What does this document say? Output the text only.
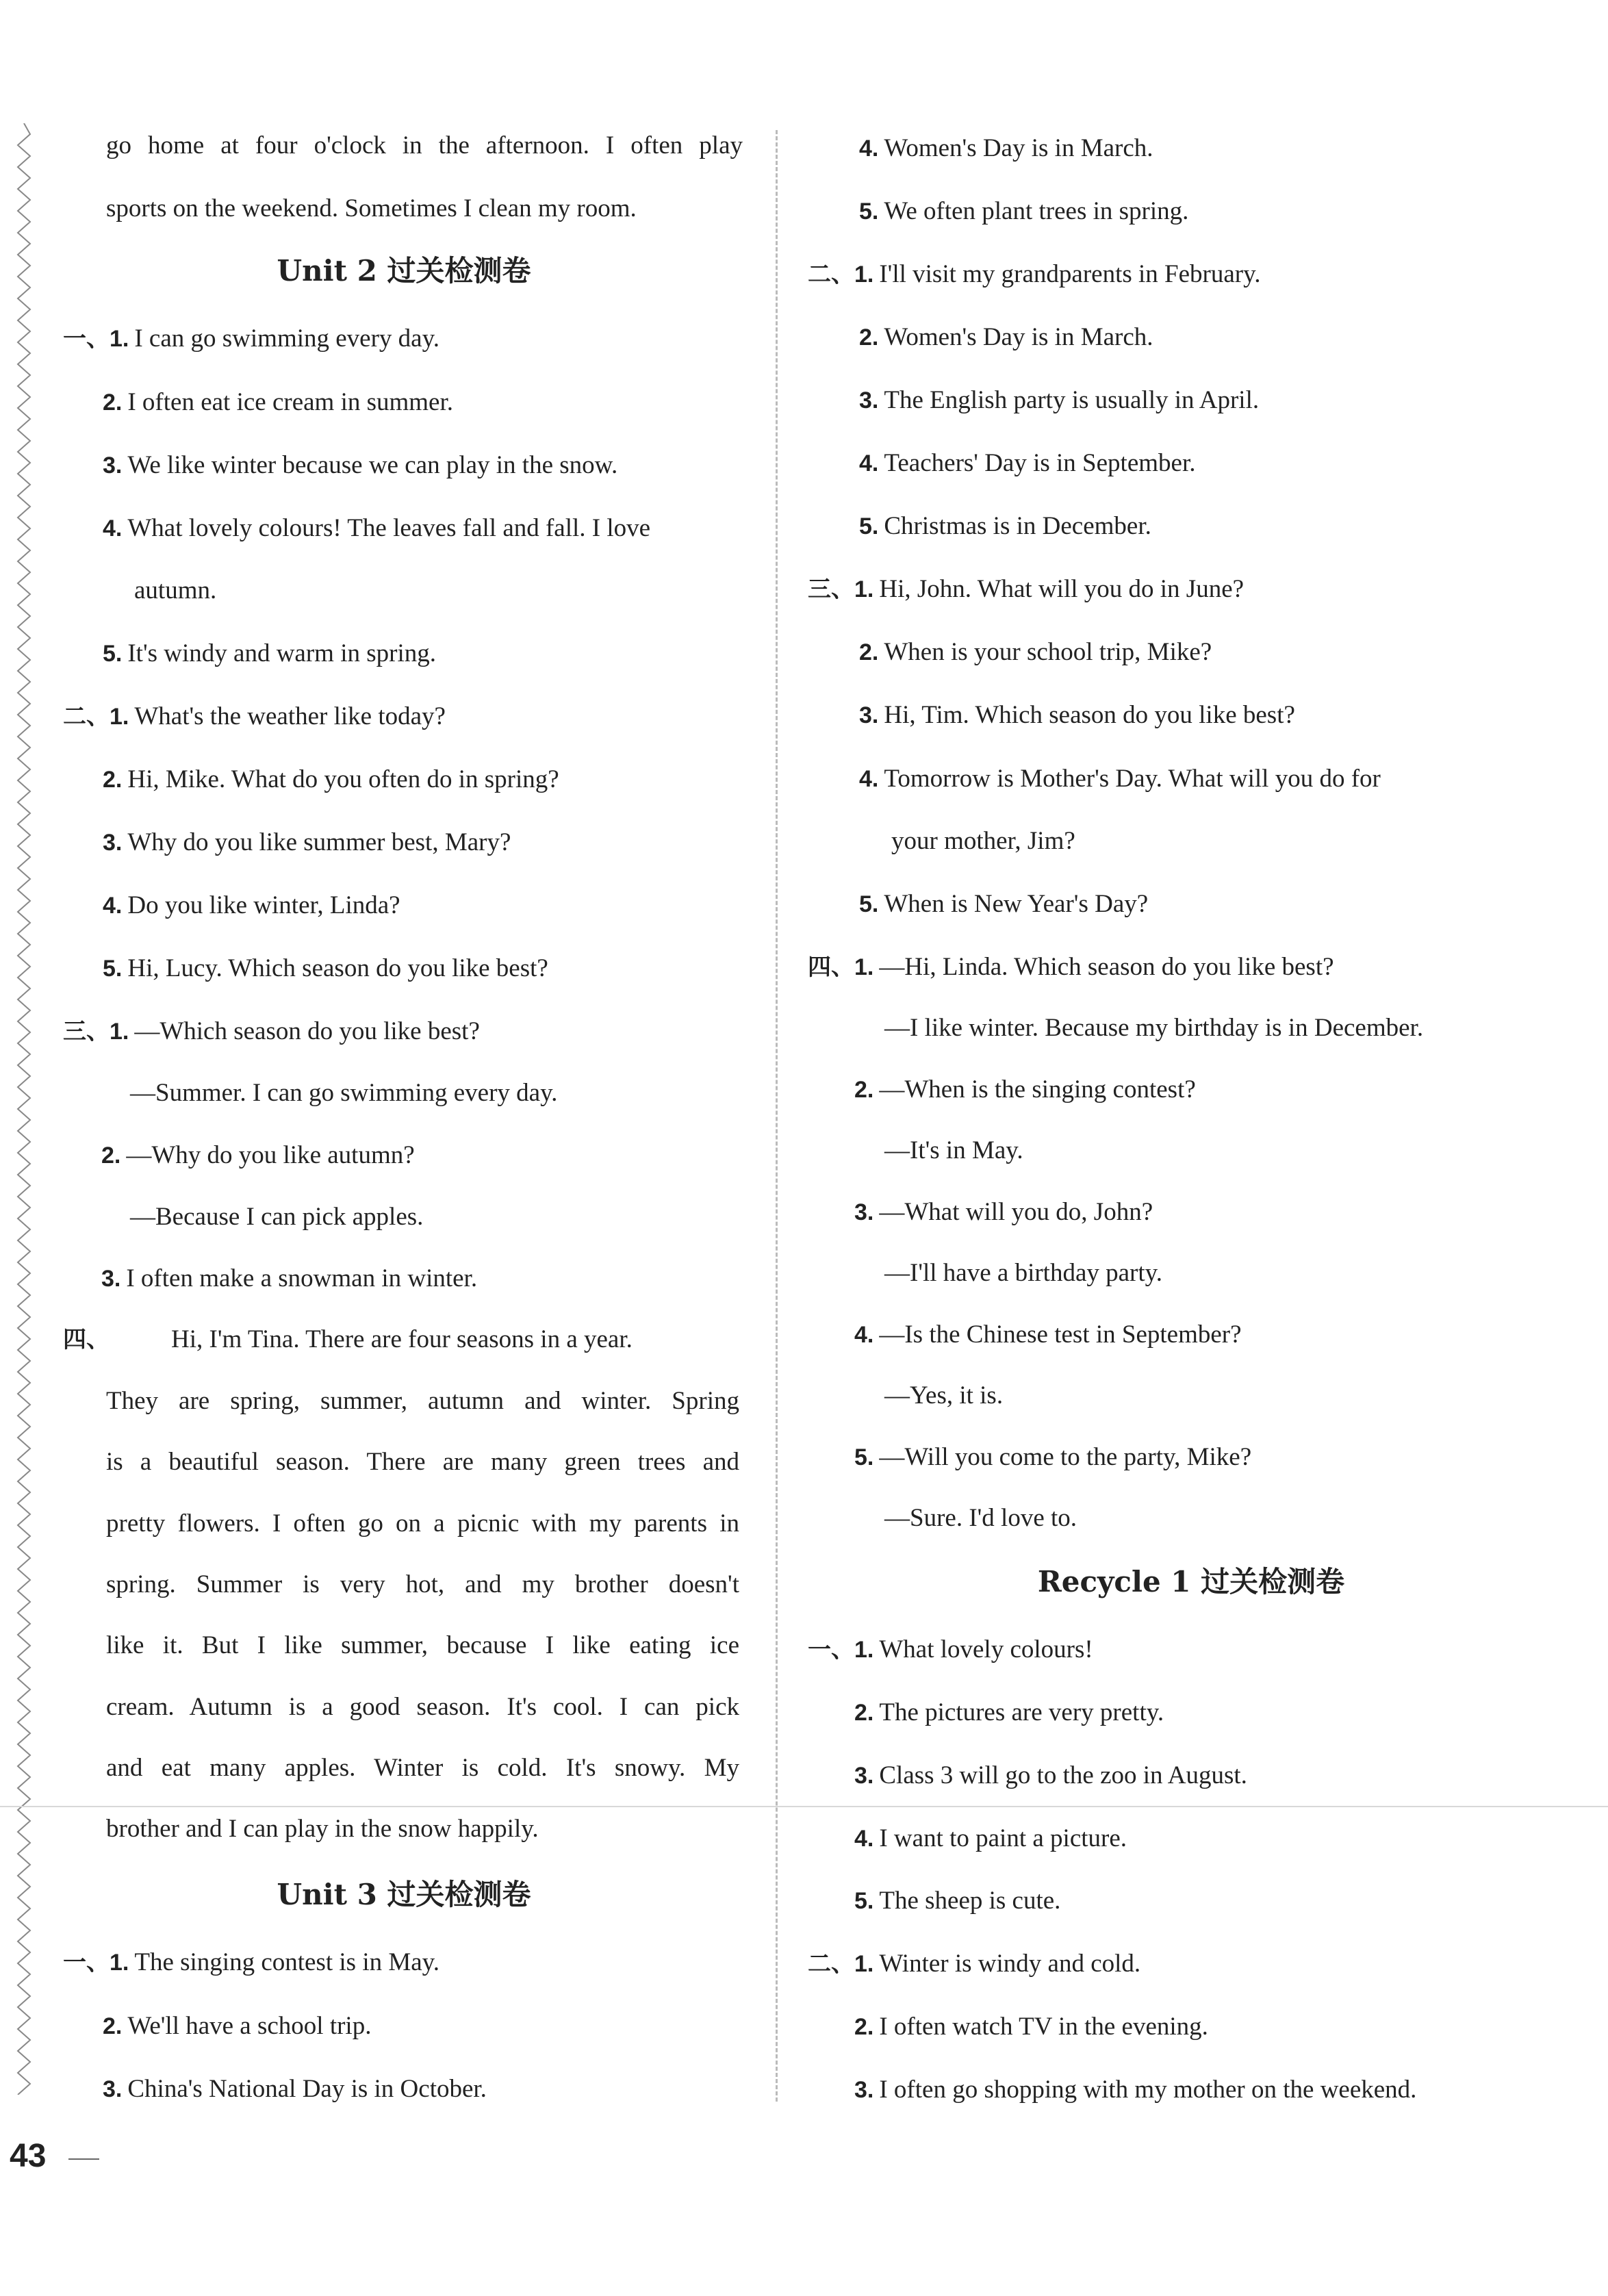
go home at four o'clock in the afternoon. I often play
sports on the weekend. Sometimes I clean my room.
Unit 2 过关检测卷
一、1. I can go swimming every day.
2. I often eat ice cream in summer.
3. We like winter because we can play in the snow.
4. What lovely colours! The leaves fall and fall. I love
autumn.
5. It's windy and warm in spring.
二、1. What's the weather like today?
2. Hi, Mike. What do you often do in spring?
3. Why do you like summer best, Mary?
4. Do you like winter, Linda?
5. Hi, Lucy. Which season do you like best?
三、1. —Which season do you like best?
—Summer. I can go swimming every day.
2. —Why do you like autumn?
—Because I can pick apples.
3. I often make a snowman in winter.
四、 Hi, I'm Tina. There are four seasons in a year.
They are spring, summer, autumn and winter. Spring
is a beautiful season. There are many green trees and
pretty flowers. I often go on a picnic with my parents in
spring. Summer is very hot, and my brother doesn't
like it. But I like summer, because I like eating ice
cream. Autumn is a good season. It's cool. I can pick
and eat many apples. Winter is cold. It's snowy. My
brother and I can play in the snow happily.
Unit 3 过关检测卷
一、1. The singing contest is in May.
2. We'll have a school trip.
3. China's National Day is in October.
4. Women's Day is in March.
5. We often plant trees in spring.
二、1. I'll visit my grandparents in February.
2. Women's Day is in March.
3. The English party is usually in April.
4. Teachers' Day is in September.
5. Christmas is in December.
三、1. Hi, John. What will you do in June?
2. When is your school trip, Mike?
3. Hi, Tim. Which season do you like best?
4. Tomorrow is Mother's Day. What will you do for
your mother, Jim?
5. When is New Year's Day?
四、1. —Hi, Linda. Which season do you like best?
—I like winter. Because my birthday is in December.
2. —When is the singing contest?
—It's in May.
3. —What will you do, John?
—I'll have a birthday party.
4. —Is the Chinese test in September?
—Yes, it is.
5. —Will you come to the party, Mike?
—Sure. I'd love to.
Recycle 1 过关检测卷
一、1. What lovely colours!
2. The pictures are very pretty.
3. Class 3 will go to the zoo in August.
4. I want to paint a picture.
5. The sheep is cute.
二、1. Winter is windy and cold.
2. I often watch TV in the evening.
3. I often go shopping with my mother on the weekend.
43
